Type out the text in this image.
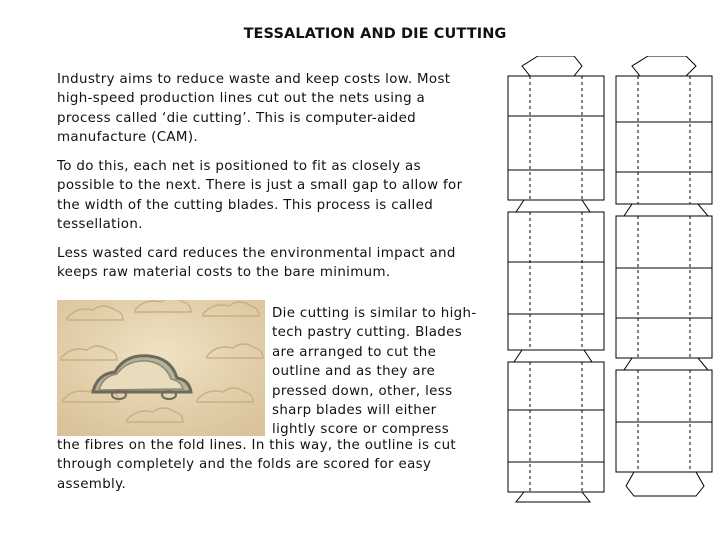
TESSALATION AND DIE CUTTING

Industry aims to reduce waste and keep costs low. Most high-speed production lines cut out the nets using a process called ‘die cutting’. This is computer-aided manufacture (CAM).

To do this, each net is positioned to fit as closely as possible to the next. There is just a small gap to allow for the width of the cutting blades. This process is called tessellation.

Less wasted card reduces the environmental impact and keeps raw material costs to the bare minimum.

Die cutting is similar to high-tech pastry cutting. Blades are arranged to cut the outline and as they are pressed down, other, less sharp blades will either lightly score or compress

the fibres on the fold lines. In this way, the outline is cut through completely and the folds are scored for easy assembly.
